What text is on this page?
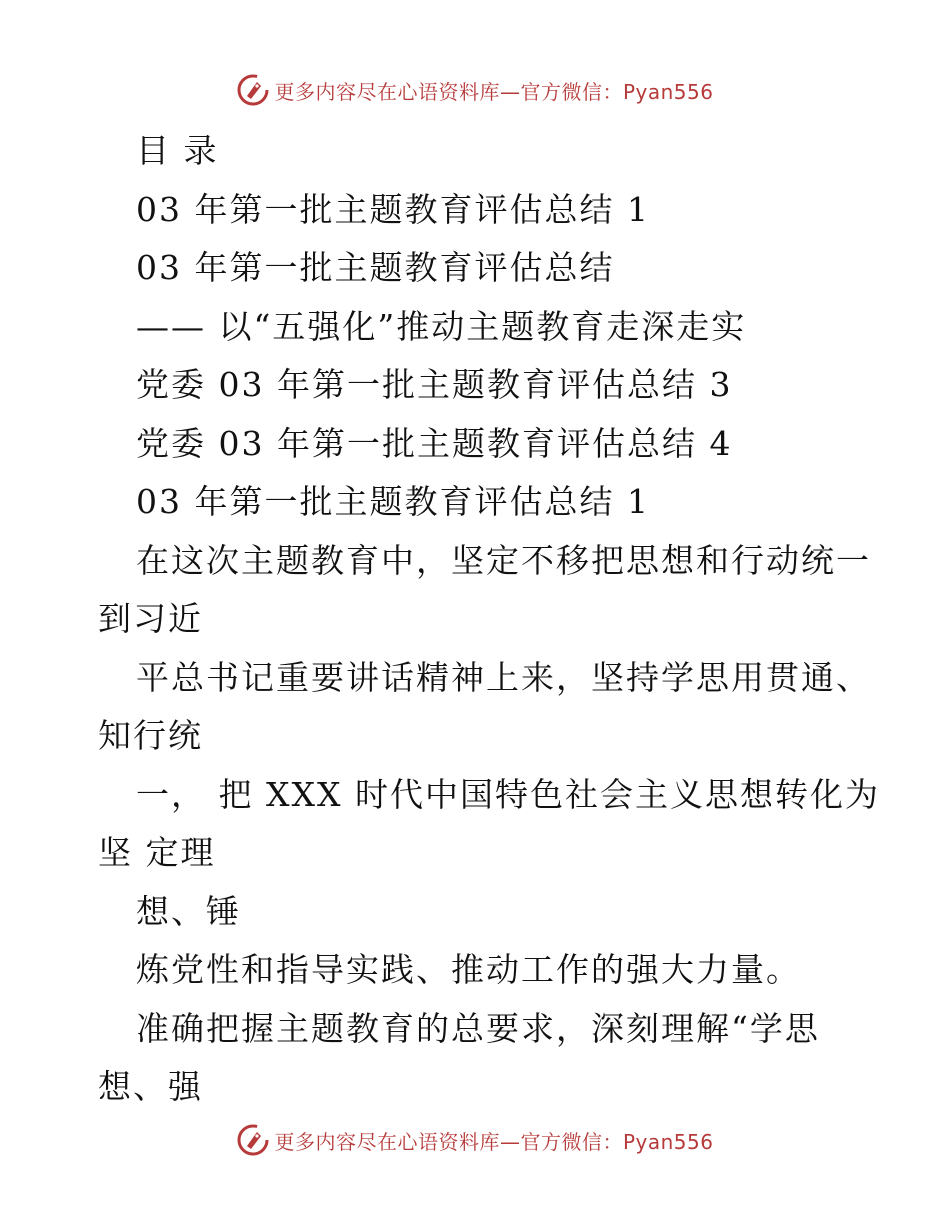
更多内容尽在心语资料库—官方微信：Pyan556
目 录
03 年第一批主题教育评估总结 1
03 年第一批主题教育评估总结
—— 以“五强化”推动主题教育走深走实
党委 03 年第一批主题教育评估总结 3
党委 03 年第一批主题教育评估总结 4
03 年第一批主题教育评估总结 1
在这次主题教育中，坚定不移把思想和行动统一
到习近
平总书记重要讲话精神上来，坚持学思用贯通、
知行统
一， 把 XXX 时代中国特色社会主义思想转化为
坚 定理
想、锤
炼党性和指导实践、推动工作的强大力量。
准确把握主题教育的总要求，深刻理解“学思
想、强
更多内容尽在心语资料库—官方微信：Pyan556
